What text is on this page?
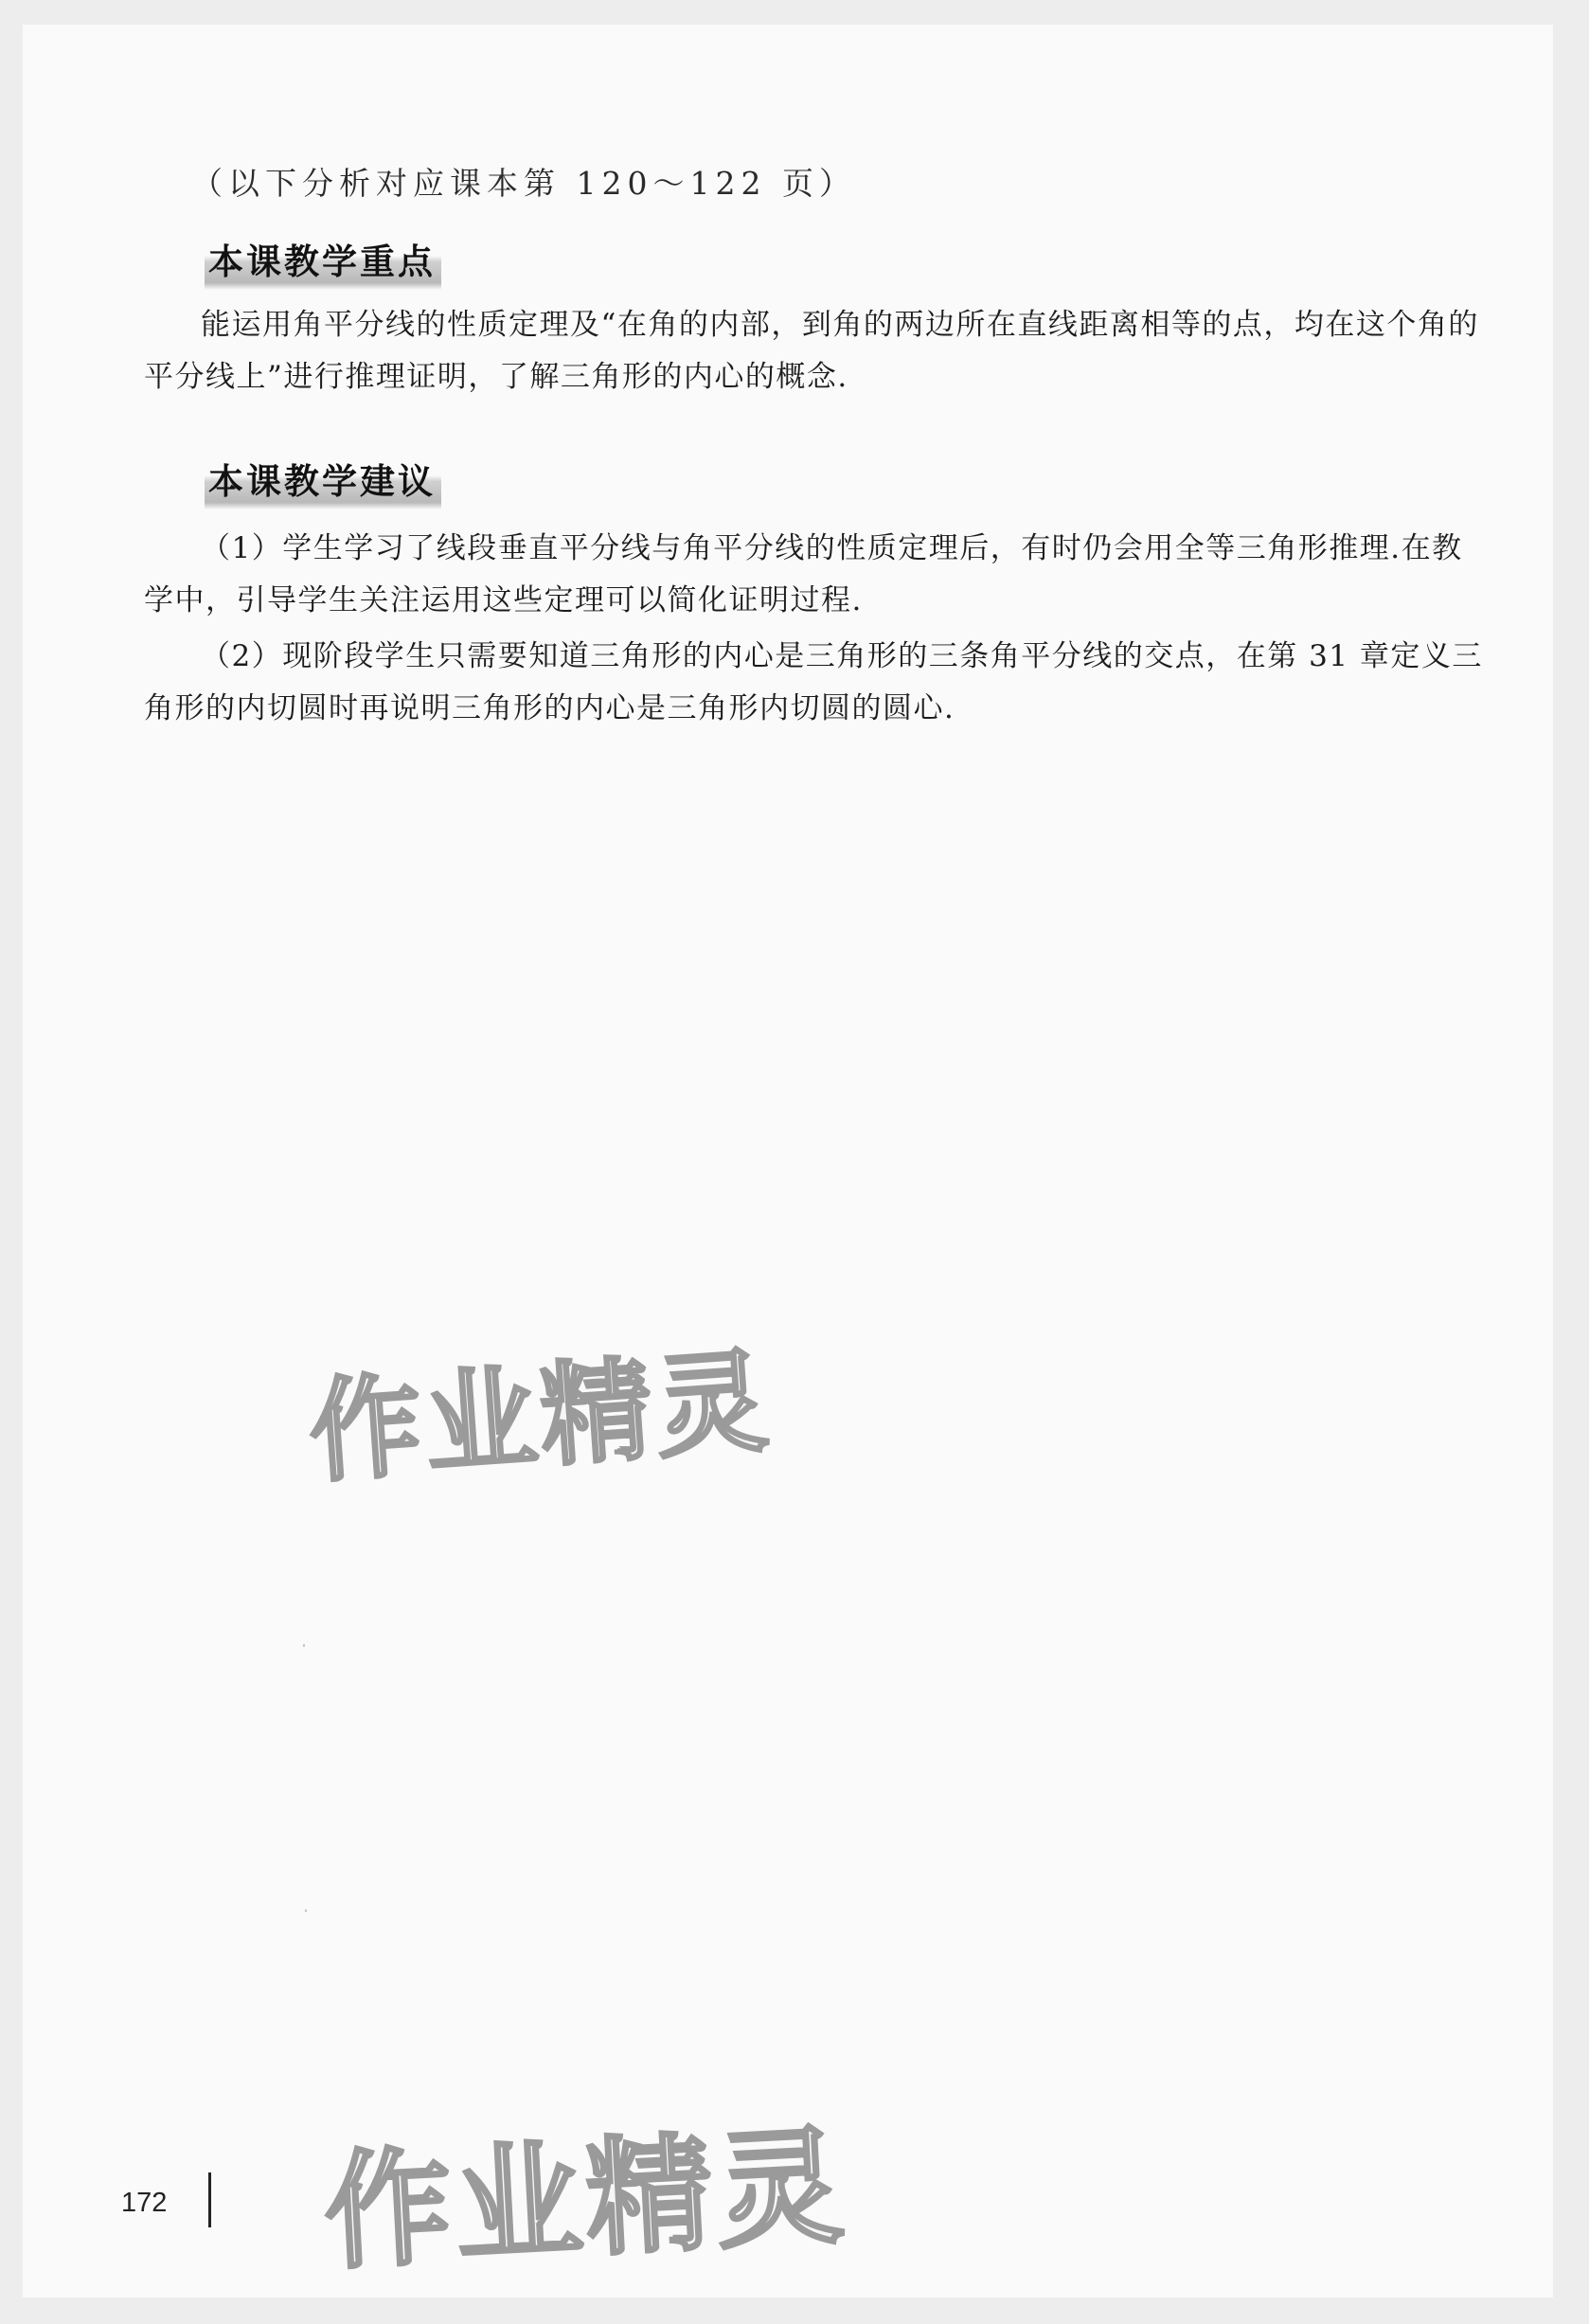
（以下分析对应课本第 120～122 页）
本课教学重点
能运用角平分线的性质定理及“在角的内部，到角的两边所在直线距离相等的点，均在这个角的平分线上”进行推理证明，了解三角形的内心的概念.
本课教学建议
（1）学生学习了线段垂直平分线与角平分线的性质定理后，有时仍会用全等三角形推理.在教学中，引导学生关注运用这些定理可以简化证明过程.
（2）现阶段学生只需要知道三角形的内心是三角形的三条角平分线的交点，在第 31 章定义三角形的内切圆时再说明三角形的内心是三角形内切圆的圆心.
作业精灵
作业精灵
172
